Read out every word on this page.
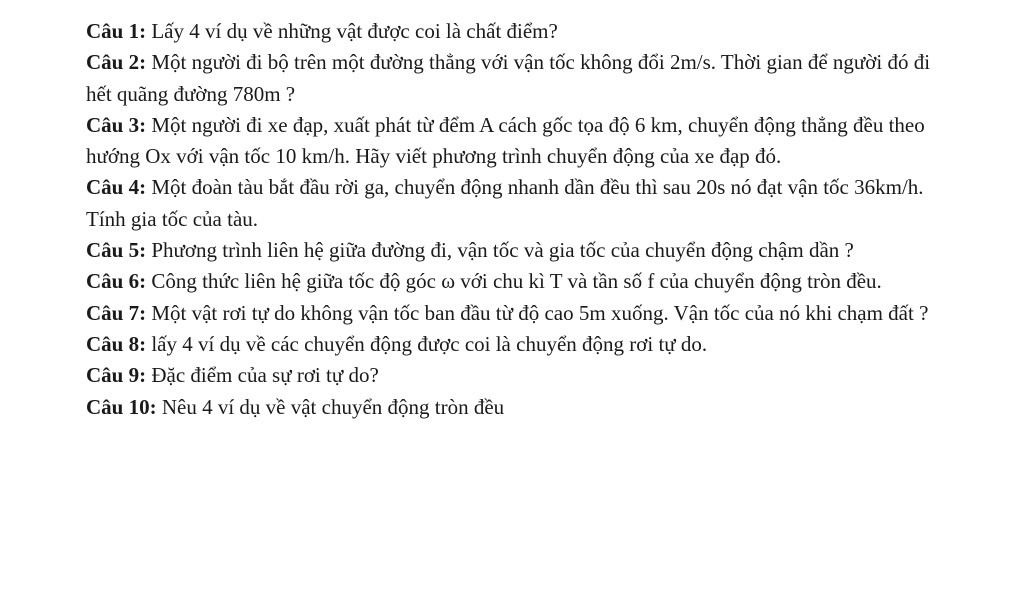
Câu 1: Lấy 4 ví dụ về những vật được coi là chất điểm?

Câu 2: Một người đi bộ trên một đường thẳng với vận tốc không đổi 2m/s. Thời gian để người đó đi hết quãng đường 780m ?

Câu 3: Một người đi xe đạp, xuất phát từ đểm A cách gốc tọa độ 6 km, chuyển động thẳng đều theo hướng Ox với vận tốc 10 km/h. Hãy viết phương trình chuyển động của xe đạp đó.

Câu 4: Một đoàn tàu bắt đầu rời ga, chuyển động nhanh dần đều thì sau 20s nó đạt vận tốc 36km/h. Tính gia tốc của tàu.

Câu 5: Phương trình liên hệ giữa đường đi, vận tốc và gia tốc của chuyển động chậm dần ?

Câu 6: Công thức liên hệ giữa tốc độ góc ω với chu kì T và tần số f của chuyển động tròn đều.

Câu 7: Một vật rơi tự do không vận tốc ban đầu từ độ cao 5m xuống. Vận tốc của nó khi chạm đất ?

Câu 8: lấy 4 ví dụ về các chuyển động được coi là chuyển động rơi tự do.

Câu 9: Đặc điểm của sự rơi tự do?

Câu 10: Nêu 4 ví dụ về vật chuyển động tròn đều
